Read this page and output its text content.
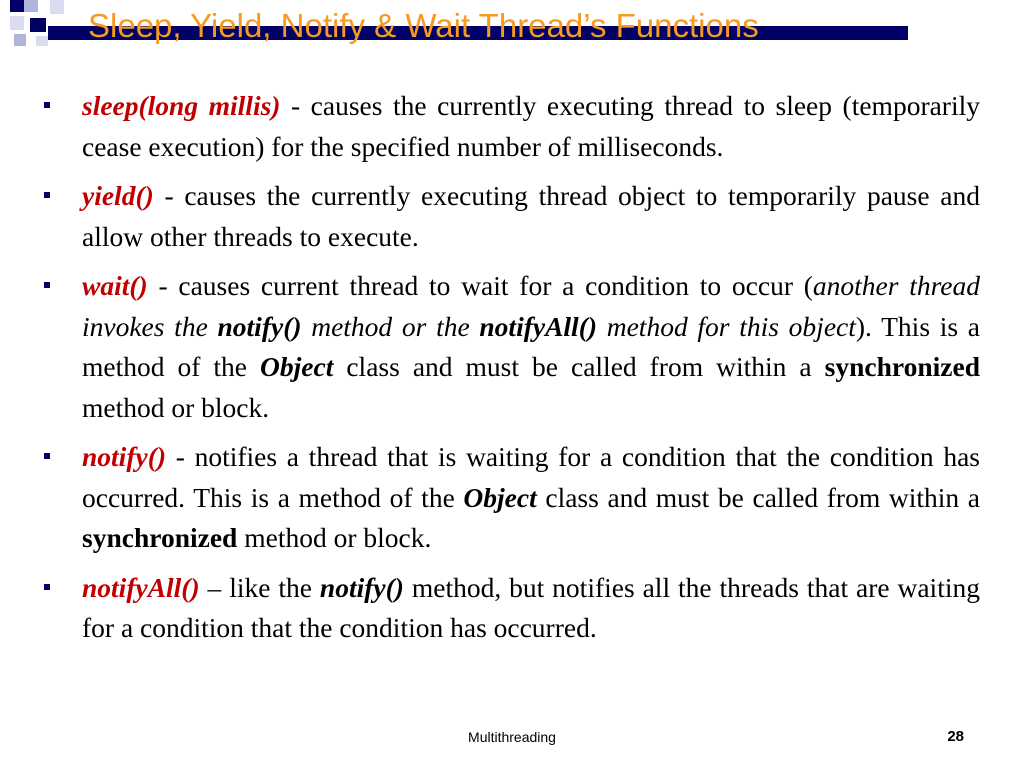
Sleep, Yield, Notify & Wait Thread’s Functions
sleep(long millis) - causes the currently executing thread to sleep (temporarily cease execution) for the specified number of milliseconds.
yield() - causes the currently executing thread object to temporarily pause and allow other threads to execute.
wait() - causes current thread to wait for a condition to occur (another thread invokes the notify() method or the notifyAll() method for this object). This is a method of the Object class and must be called from within a synchronized method or block.
notify() - notifies a thread that is waiting for a condition that the condition has occurred. This is a method of the Object class and must be called from within a synchronized method or block.
notifyAll() – like the notify() method, but notifies all the threads that are waiting for a condition that the condition has occurred.
Multithreading	28
